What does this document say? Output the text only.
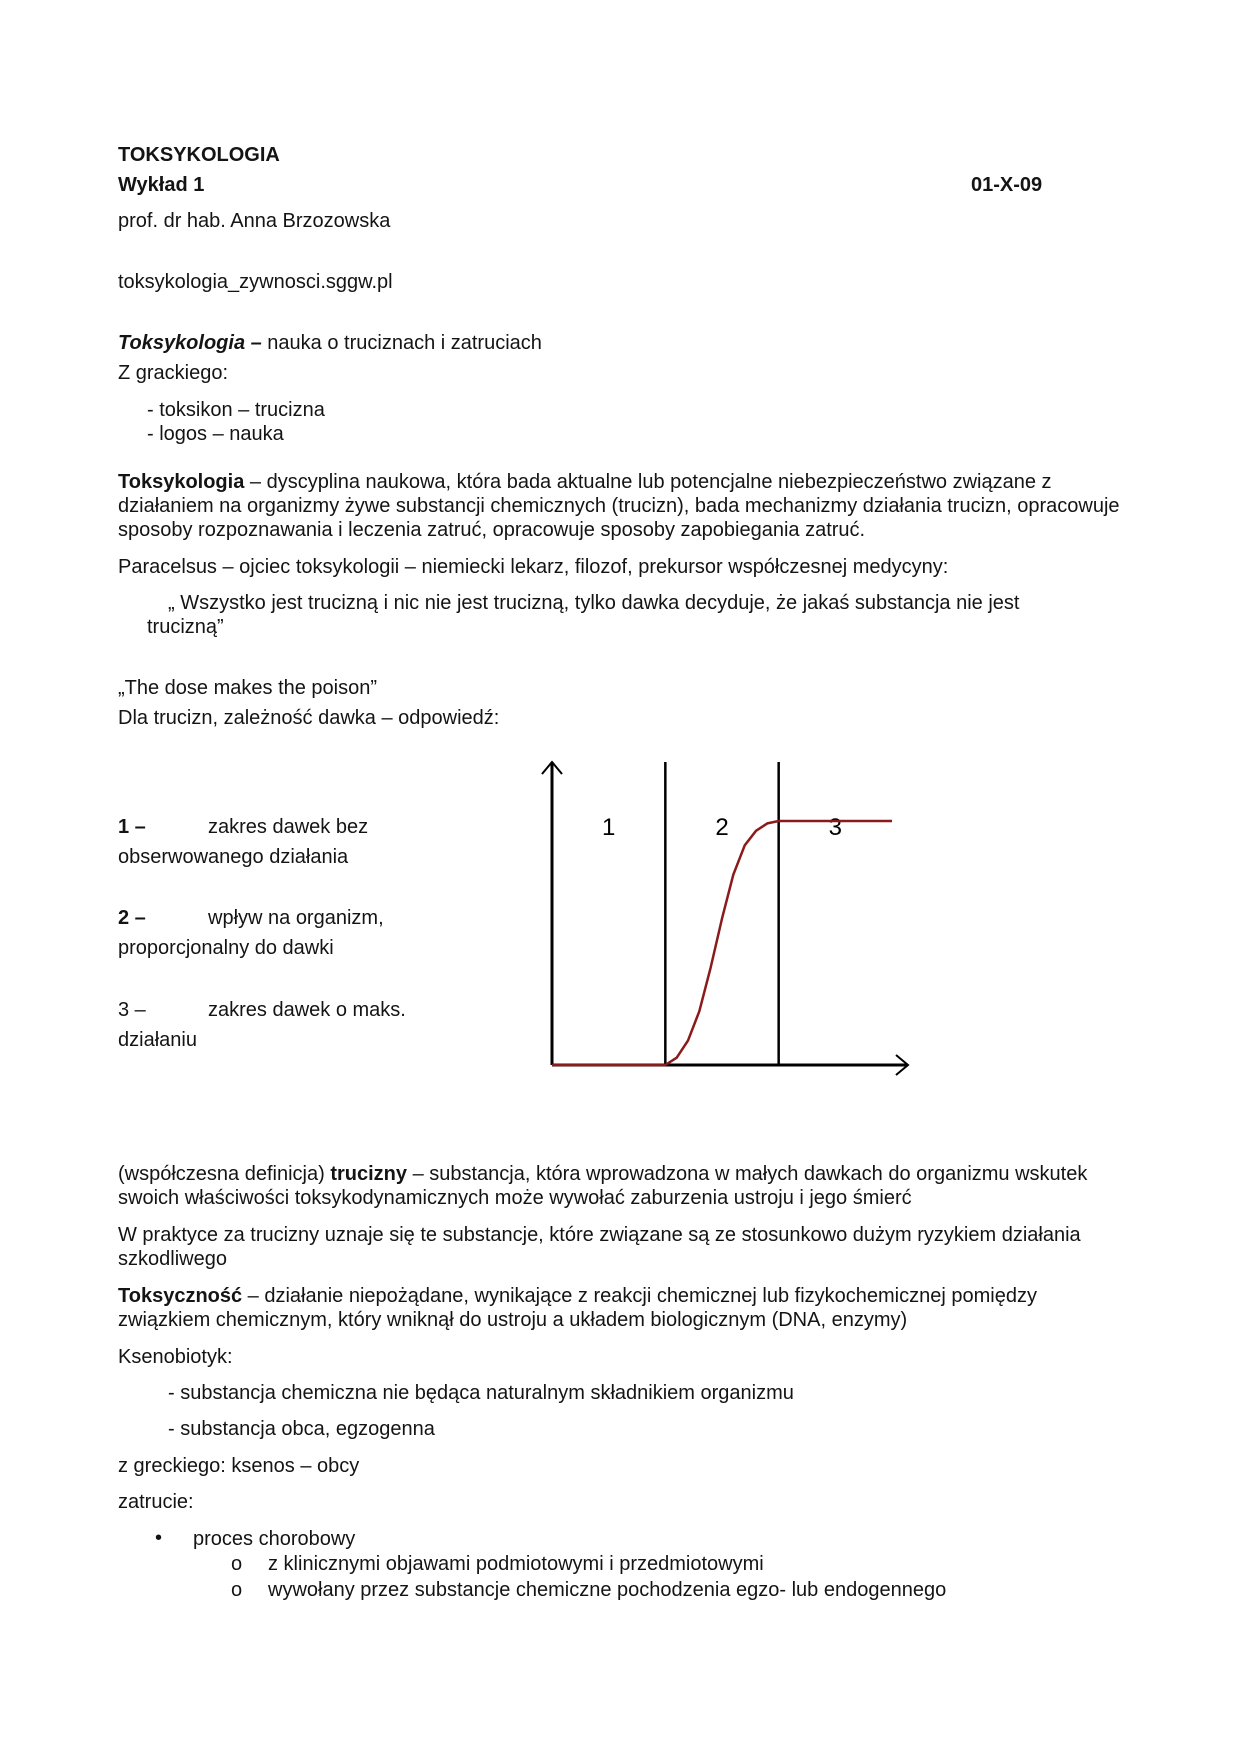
TOKSYKOLOGIA
Wykład 1	01-X-09
prof. dr hab. Anna Brzozowska
toksykologia_zywnosci.sggw.pl
Toksykologia – nauka o truciznach i zatruciach
Z grackiego:
- toksikon – trucizna
- logos – nauka
Toksykologia – dyscyplina naukowa, która bada aktualne lub potencjalne niebezpieczeństwo związane z działaniem na organizmy żywe substancji chemicznych (trucizn), bada mechanizmy działania trucizn, opracowuje sposoby rozpoznawania i leczenia zatruć, opracowuje sposoby zapobiegania zatruć.
Paracelsus – ojciec toksykologii – niemiecki lekarz, filozof, prekursor współczesnej medycyny:
„ Wszystko jest trucizną i nic nie jest trucizną, tylko dawka decyduje, że jakaś substancja nie jest
trucizną”
„The dose makes the poison”
Dla trucizn, zależność dawka – odpowiedź:
1 –	zakres dawek bez
obserwowanego działania
2 –	wpływ na organizm,
proporcjonalny do dawki
3 –	zakres dawek o maks.
działaniu
1	2	3
(współczesna definicja) trucizny – substancja, która wprowadzona w małych dawkach do organizmu wskutek swoich właściwości toksykodynamicznych może wywołać zaburzenia ustroju i jego śmierć
W praktyce za trucizny uznaje się te substancje, które związane są ze stosunkowo dużym ryzykiem działania szkodliwego
Toksyczność – działanie niepożądane, wynikające z reakcji chemicznej lub fizykochemicznej pomiędzy związkiem chemicznym, który wniknął do ustroju a układem biologicznym (DNA, enzymy)
Ksenobiotyk:
- substancja chemiczna nie będąca naturalnym składnikiem organizmu
- substancja obca, egzogenna
z greckiego: ksenos – obcy
zatrucie:
• proces chorobowy
o z klinicznymi objawami podmiotowymi i przedmiotowymi
o wywołany przez substancje chemiczne pochodzenia egzo- lub endogennego
